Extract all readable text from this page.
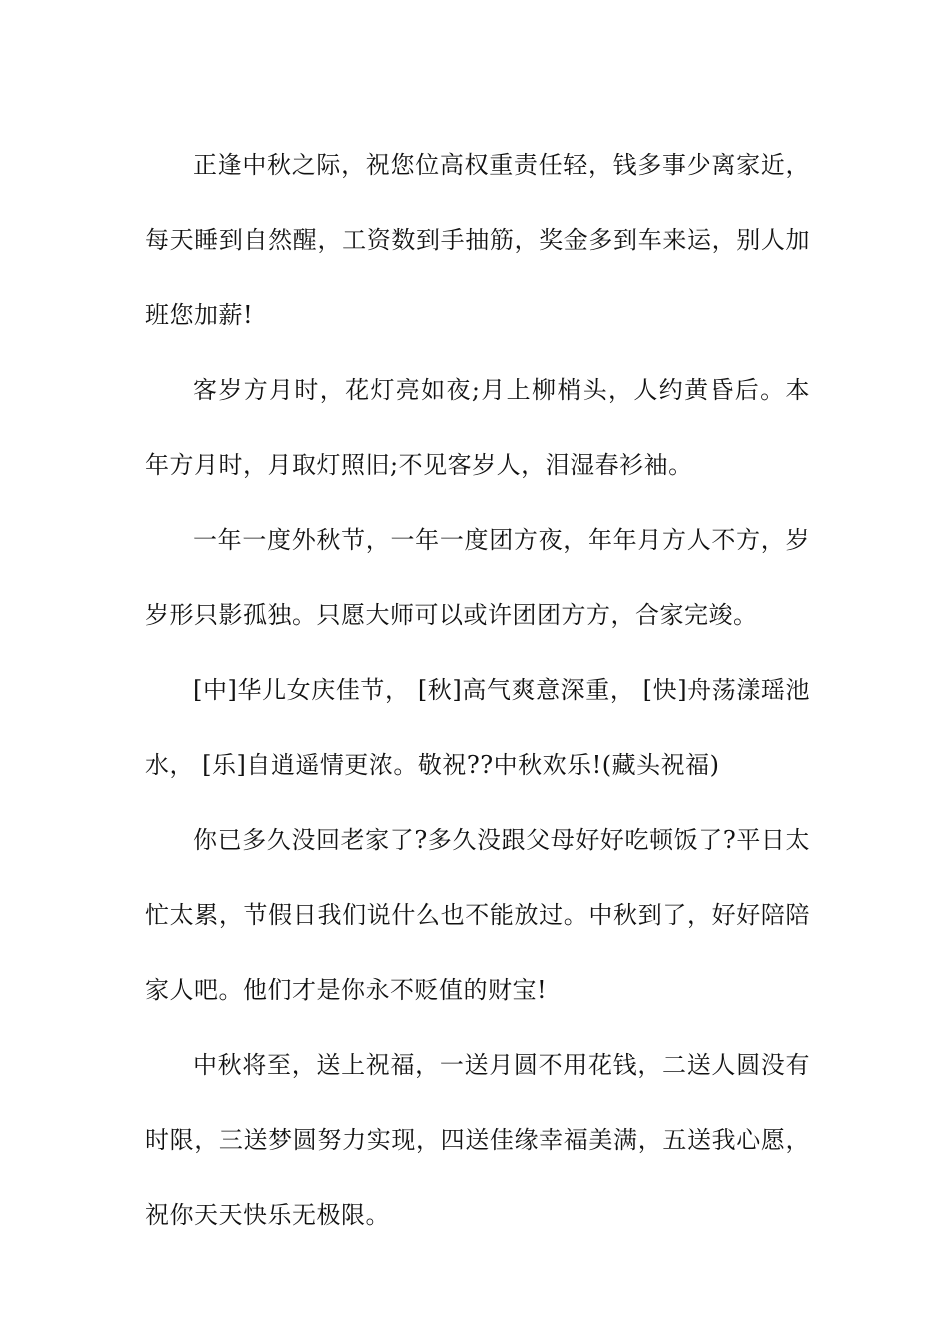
正逢中秋之际，祝您位高权重责任轻，钱多事少离家近，每天睡到自然醒，工资数到手抽筋，奖金多到车来运，别人加班您加薪!

客岁方月时，花灯亮如夜;月上柳梢头，人约黄昏后。本年方月时，月取灯照旧;不见客岁人，泪湿春衫袖。

一年一度外秋节，一年一度团方夜，年年月方人不方，岁岁形只影孤独。只愿大师可以或许团团方方，合家完竣。

[中]华儿女庆佳节， [秋]高气爽意深重， [快]舟荡漾瑶池水， [乐]自逍遥情更浓。敬祝??中秋欢乐!(藏头祝福)

你已多久没回老家了?多久没跟父母好好吃顿饭了?平日太忙太累，节假日我们说什么也不能放过。中秋到了，好好陪陪家人吧。他们才是你永不贬值的财宝!

中秋将至，送上祝福，一送月圆不用花钱，二送人圆没有时限，三送梦圆努力实现，四送佳缘幸福美满，五送我心愿，祝你天天快乐无极限。
